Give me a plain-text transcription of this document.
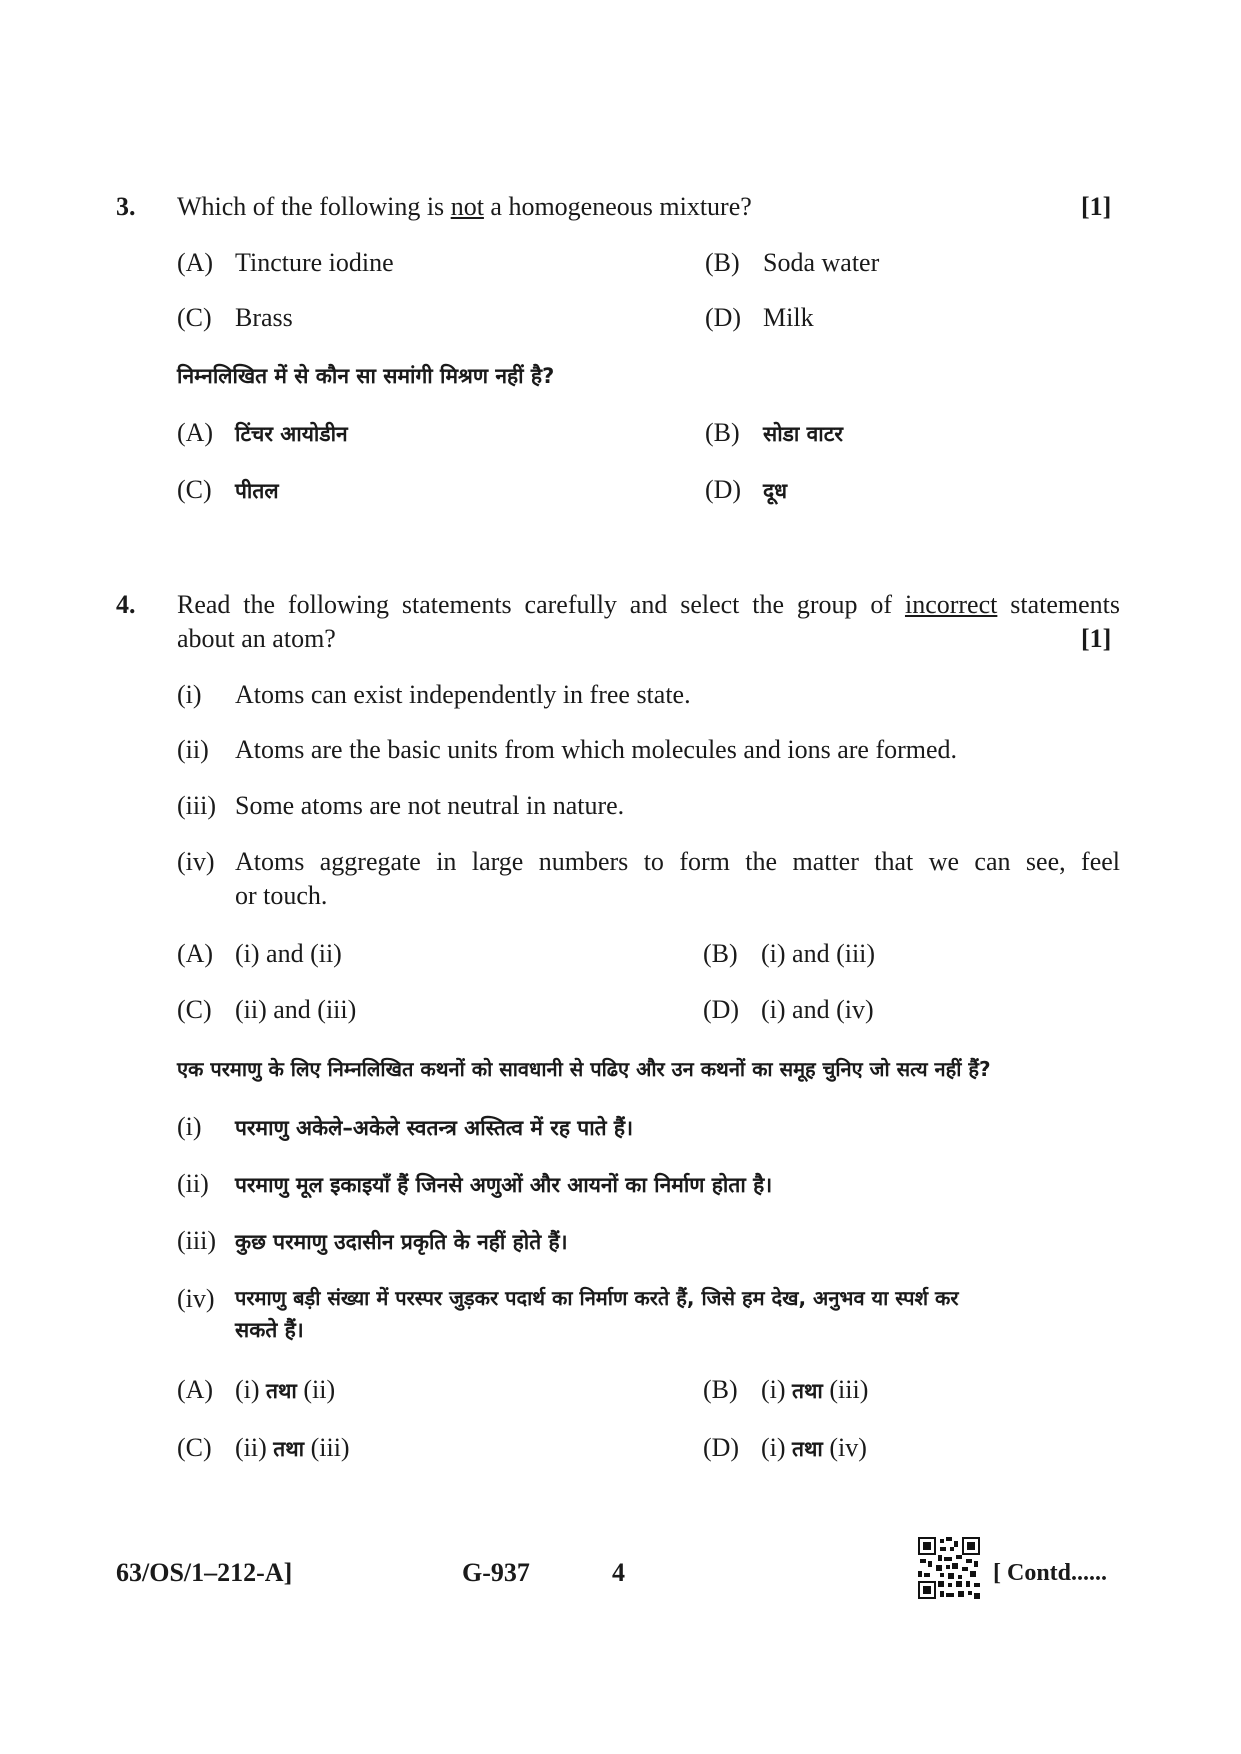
3. Which of the following is not a homogeneous mixture?	[1]
(A) Tincture iodine	(B) Soda water
(C) Brass	(D) Milk
निम्नलिखित में से कौन सा समांगी मिश्रण नहीं है?
(A) टिंचर आयोडीन	(B) सोडा वाटर
(C) पीतल	(D) दूध
4. Read the following statements carefully and select the group of incorrect statements
about an atom?	[1]
(i) Atoms can exist independently in free state.
(ii) Atoms are the basic units from which molecules and ions are formed.
(iii) Some atoms are not neutral in nature.
(iv) Atoms aggregate in large numbers to form the matter that we can see, feel
or touch.
(A) (i) and (ii)	(B) (i) and (iii)
(C) (ii) and (iii)	(D) (i) and (iv)
एक परमाणु के लिए निम्नलिखित कथनों को सावधानी से पढिए और उन कथनों का समूह चुनिए जो सत्य नहीं हैं?
(i) परमाणु अकेले–अकेले स्वतन्त्र अस्तित्व में रह पाते हैं।
(ii) परमाणु मूल इकाइयाँ हैं जिनसे अणुओं और आयनों का निर्माण होता है।
(iii) कुछ परमाणु उदासीन प्रकृति के नहीं होते हैं।
(iv)	परमाणु बड़ी संख्या में परस्पर जुड़कर पदार्थ का निर्माण करते हैं, जिसे हम देख, अनुभव या स्पर्श कर
सकते हैं।
(A) (i) तथा (ii)	(B) (i) तथा (iii)
(C) (ii) तथा (iii)	(D) (i) तथा (iv)
63/OS/1–212-A]	G-937	4	[ Contd......
